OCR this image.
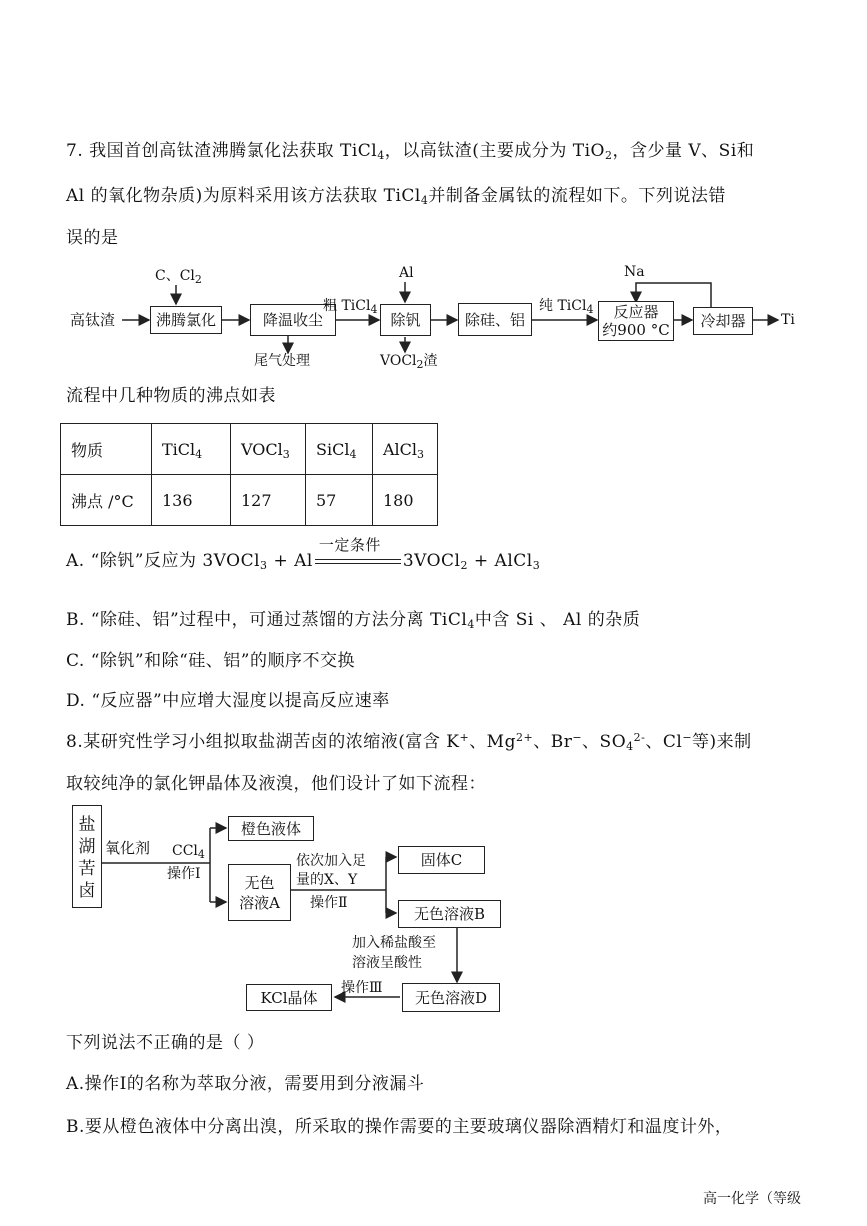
7. 我国首创高钛渣沸腾氯化法获取 TiCl$_4$，以高钛渣(主要成分为 TiO$_2$，含少量 V、Si和
Al 的氧化物杂质)为原料采用该方法获取 TiCl$_4$并制备金属钛的流程如下。下列说法错
误的是
高钛渣	沸腾氯化	降温收尘	除钒	除硅、铝	反应器
约900 °C	冷却器	Ti
C、$Cl_2$
尾气处理
粗 TiCl$_4$
Al
VOCl$_2$渣
纯 TiCl$_4$
Na
流程中几种物质的沸点如表
物质	TiCl$_4$	VOCl$_3$	SiCl$_4$	AlCl$_3$
沸点 /°C	136	127	57	180
A. “除钒”反应为 3VOCl$_3$ + Al
一定条件
3VOCl$_2$ + AlCl$_3$
B. “除硅、铝”过程中，可通过蒸馏的方法分离 TiCl$_4$中含 Si 、 Al 的杂质
C. “除钒”和除“硅、铝”的顺序不交换
D. “反应器”中应增大湿度以提高反应速率
8.某研究性学习小组拟取盐湖苦卤的浓缩液(富含 K+、$Mg^{2+}$、Br−、$SO_4^{2-}$、Cl−等)来制
取较纯净的氯化钾晶体及液溴，他们设计了如下流程：
盐湖苦卤
氧化剂 CCl$_4$
操作Ⅰ
橙色液体
无色
溶液A
依次加入足
量的X、Y
操作Ⅱ
固体C
无色溶液B
加入稀盐酸至
溶液呈酸性
无色溶液D
操作Ⅲ
KCl晶体
下列说法不正确的是（ ）
A.操作Ⅰ的名称为萃取分液，需要用到分液漏斗
B.要从橙色液体中分离出溴，所采取的操作需要的主要玻璃仪器除酒精灯和温度计外，
高一化学（等级
